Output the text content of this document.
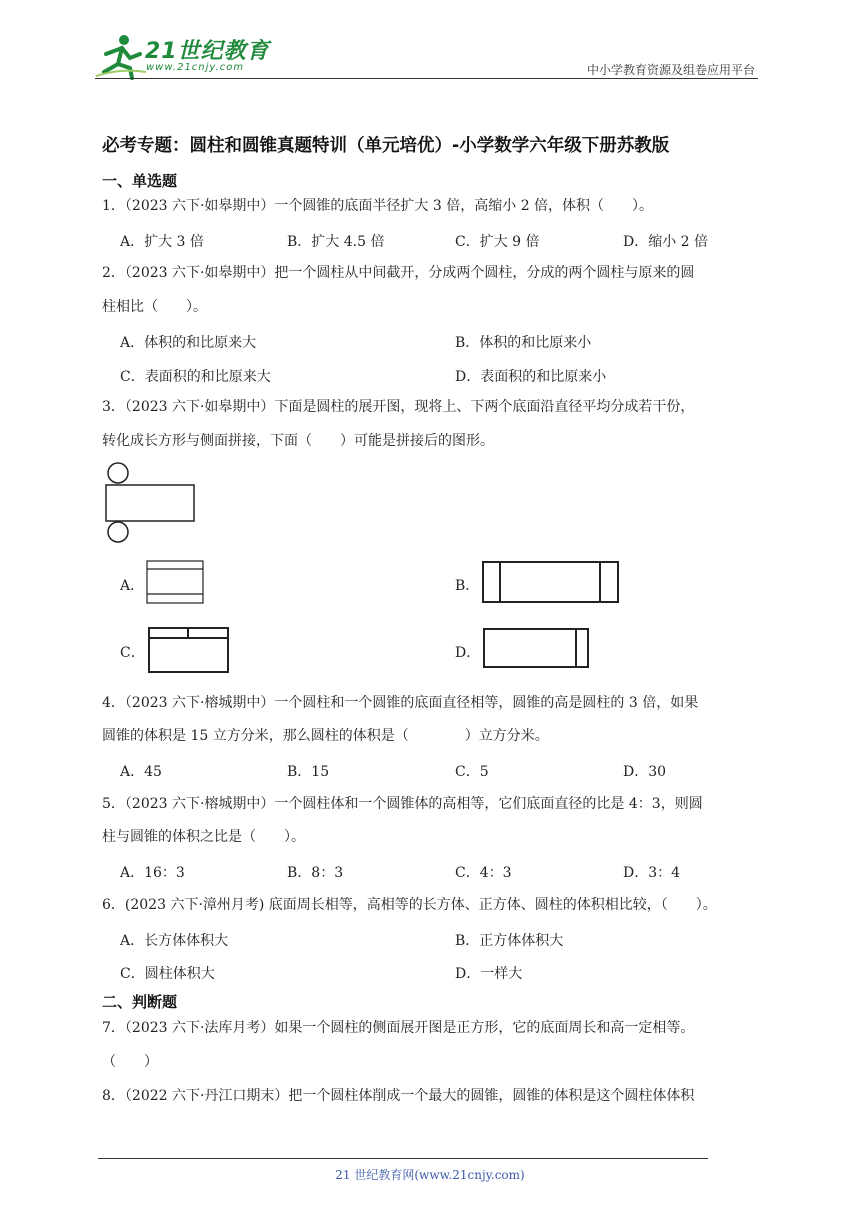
21世纪教育
www.21cnjy.com	中小学教育资源及组卷应用平台
必考专题：圆柱和圆锥真题特训（单元培优）-小学数学六年级下册苏教版
一、单选题
1．（2023 六下·如皋期中）一个圆锥的底面半径扩大 3 倍，高缩小 2 倍，体积（　　）。
A．扩大 3 倍	B．扩大 4.5 倍	C．扩大 9 倍	D．缩小 2 倍
2．（2023 六下·如皋期中）把一个圆柱从中间截开，分成两个圆柱，分成的两个圆柱与原来的圆
柱相比（　　）。
A．体积的和比原来大	B．体积的和比原来小
C．表面积的和比原来大	D．表面积的和比原来小
3．（2023 六下·如皋期中）下面是圆柱的展开图，现将上、下两个底面沿直径平均分成若干份，
转化成长方形与侧面拼接，下面（　　）可能是拼接后的图形。
A．	B．
C．	D．
4．（2023 六下·榕城期中）一个圆柱和一个圆锥的底面直径相等，圆锥的高是圆柱的 3 倍，如果
圆锥的体积是 15 立方分米，那么圆柱的体积是（　　　　）立方分米。
A．45	B．15	C．5	D．30
5．（2023 六下·榕城期中）一个圆柱体和一个圆锥体的高相等，它们底面直径的比是 4：3，则圆
柱与圆锥的体积之比是（　　）。
A．16：3	B．8：3	C．4：3	D．3：4
6．(2023 六下·漳州月考) 底面周长相等，高相等的长方体、正方体、圆柱的体积相比较，（　　）。
A．长方体体积大	B．正方体体积大
C．圆柱体积大	D．一样大
二、判断题
7．（2023 六下·法库月考）如果一个圆柱的侧面展开图是正方形，它的底面周长和高一定相等。
（　　）
8．（2022 六下·丹江口期末）把一个圆柱体削成一个最大的圆锥，圆锥的体积是这个圆柱体体积
21 世纪教育网(www.21cnjy.com)
